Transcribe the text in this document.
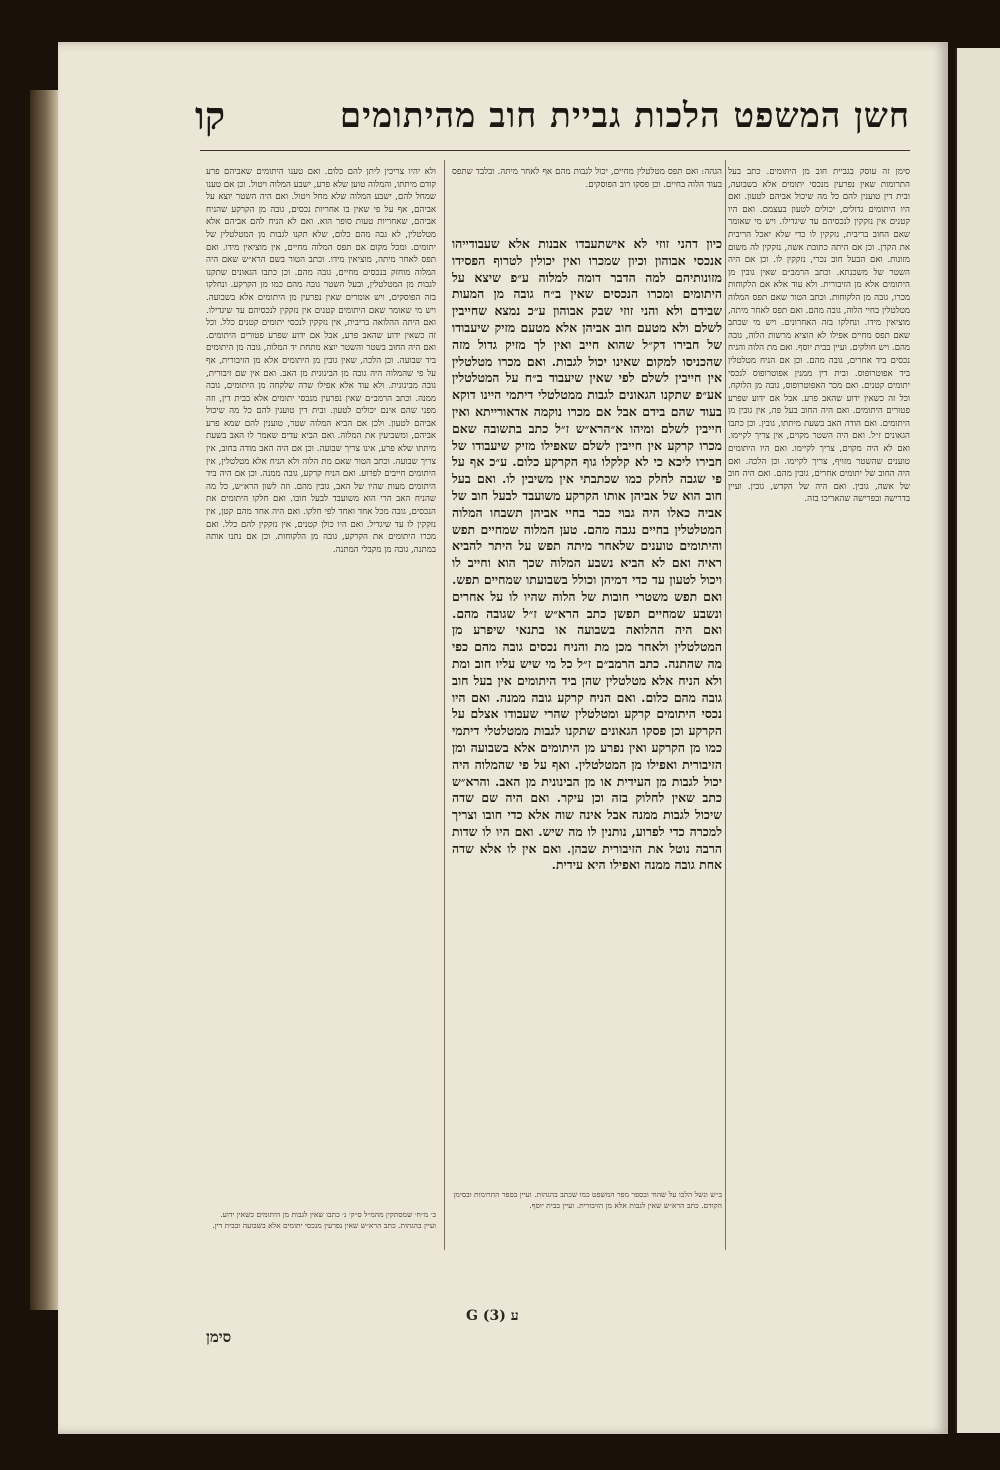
חשן המשפט הלכות גביית חוב מהיתומים
קו

ולא יהיו צריכין ליתן להם כלום. ואם טענו היתומים שאביהם פרע קודם מיתתו, והמלוה טוען שלא פרע, ישבע המלוה ויטול. וכן אם טענו שמחל להם, ישבע המלוה שלא מחל ויטול. ואם היה השטר יוצא על אביהם, אף על פי שאין בו אחריות נכסים, גובה מן הקרקע שהניח אביהם, שאחריות טעות סופר הוא. ואם לא הניח להם אביהם אלא מטלטלין, לא גבה מהם כלום, שלא תקנו לגבות מן המטלטלין של יתומים. ומכל מקום אם תפס המלוה מחיים, אין מוציאין מידו. ואם תפס לאחר מיתה, מוציאין מידו. וכתב הטור בשם הרא״ש שאם היה המלוה מוחזק בנכסים מחיים, גובה מהם. וכן כתבו הגאונים שתקנו לגבות מן המטלטלין, ובעל השטר גובה מהם כמו מן הקרקע. ונחלקו בזה הפוסקים, ויש אומרים שאין נפרעין מן היתומים אלא בשבועה. ויש מי שאומר שאם היתומים קטנים אין נזקקין לנכסיהם עד שיגדילו. ואם היתה ההלואה בריבית, אין נזקקין לנכסי יתומים קטנים כלל. וכל זה כשאין ידוע שהאב פרע, אבל אם ידוע שפרע פטורים היתומים. ואם היה החוב בשטר והשטר יוצא מתחת יד המלוה, גובה מן היתומים ביד שבועה. וכן הלכה, שאין גובין מן היתומים אלא מן הזיבורית, אף על פי שהמלוה היה גובה מן הבינונית מן האב. ואם אין שם זיבורית, גובה מבינונית. ולא עוד אלא אפילו שדה שלקחה מן היתומים, גובה ממנה. וכתב הרמב״ם שאין נפרעין מנכסי יתומים אלא בבית דין, וזה מפני שהם אינם יכולים לטעון. ובית דין טוענין להם כל מה שיכול אביהם לטעון. ולכן אם הביא המלוה שטר, טוענין להם שמא פרע אביהם, ומשביעין את המלוה. ואם הביא עדים שאמר לו האב בשעת מיתתו שלא פרע, אינו צריך שבועה. וכן אם היה האב מודה בחוב, אין צריך שבועה. וכתב הטור שאם מת הלוה ולא הניח אלא מטלטלין, אין היתומים חייבים לפרוע. ואם הניח קרקע, גובה ממנה. וכן אם היה ביד היתומים מעות שהיו של האב, גובין מהם. וזה לשון הרא״ש, כל מה שהניח האב הרי הוא משועבד לבעל חובו. ואם חלקו היתומים את הנכסים, גובה מכל אחד ואחד לפי חלקו. ואם היה אחד מהם קטן, אין נזקקין לו עד שיגדיל. ואם היו כולן קטנים, אין נזקקין להם כלל. ואם מכרו היתומים את הקרקע, גובה מן הלקוחות. וכן אם נתנו אותה במתנה, גובה מן מקבלי המתנה.

הגהה: ואם תפס מטלטלין מחיים, יכול לגבות מהם אף לאחר מיתה. ובלבד שתפס בעוד הלוה בחיים. וכן פסקו רוב הפוסקים.

כיון דהני זוזי לא אישתעבדו אבנות אלא שעבודייהו אנכסי אבוהון וכיון שמכרו ואין יכולין לטרוף הפסידו מזונותיהם למה הדבר דומה למלוה ע״פ שיצא על היתומים ומכרו הנכסים שאין ב״ח גובה מן המעות שבידם ולא והני זוזי שבק אבוהון ע״כ נמצא שחייבין לשלם ולא מטעם חוב אביהן אלא מטעם מזיק שיעבודו של חבירו דק״ל שהוא חייב ואין לך מזיק גדול מזה שהכניסו למקום שאינו יכול לגבות. ואם מכרו מטלטלין אין חייבין לשלם לפי שאין שיעבוד ב״ח על המטלטלין אע״פ שתקנו הגאונים לגבות ממטלטלי דיתמי היינו דוקא בעוד שהם בידם אבל אם מכרו נוקמה אדאורייתא ואין חייבין לשלם ומיהו א״הרא״ש ז״ל כתב בתשובה שאם מכרו קרקע אין חייבין לשלם שאפילו מזיק שיעבודו של חבירו ליכא כי לא קלקלו גוף הקרקע כלום. ע״כ אף על פי שגבה לחלק כמו שכתבתי אין משיבין לו. ואם בעל חוב הוא של אביהן אותו הקרקע משועבד לבעל חוב של אביה כאלו היה גבוי כבר בחיי אביהן תשבחו המלוה המטלטלין בחיים נגבה מהם. טען המלוה שמחיים תפש והיתומים טוענים שלאחר מיתה תפש על היתר להביא ראיה ואם לא הביא נשבע המלוה שכך הוא וחייב לו ויכול לטעון עד כדי דמיהן וכולל בשבועתו שמחיים תפש. ואם תפש משטרי חובות של הלוה שהיו לו על אחרים ונשבע שמחיים תפשן כתב הרא״ש ז״ל שגובה מהם. ואם היה ההלואה בשבועה או בתנאי שיפרע מן המטלטלין ולאחר מכן מת והניח נכסים גובה מהם כפי מה שהתנה. כתב הרמב״ם ז״ל כל מי שיש עליו חוב ומת ולא הניח אלא מטלטלין שהן ביד היתומים אין בעל חוב גובה מהם כלום. ואם הניח קרקע גובה ממנה. ואם היו נכסי היתומים קרקע ומטלטלין שהרי שעבודו אצלם על הקרקע וכן פסקו הגאונים שתקנו לגבות ממטלטלי דיתמי כמו מן הקרקע ואין נפרע מן היתומים אלא בשבועה ומן הזיבורית ואפילו מן המטלטלין. ואף על פי שהמלוה היה יכול לגבות מן העידית או מן הבינונית מן האב. והרא״ש כתב שאין לחלוק בזה וכן עיקר. ואם היה שם שדה שיכול לגבות ממנה אבל אינה שוה אלא כדי חובו וצריך למכרה כדי לפרוע, נותנין לו מה שיש. ואם היו לו שדות הרבה נוטל את הזיבורית שבהן. ואם אין לו אלא שדה אחת גובה ממנה ואפילו היא עידית.

סימן זה עוסק בגביית חוב מן היתומים. כתב בעל התרומות שאין נפרעין מנכסי יתומים אלא בשבועה, ובית דין טוענין להם כל מה שיכול אביהם לטעון. ואם היו היתומים גדולים, יכולים לטעון בעצמם. ואם היו קטנים אין נזקקין לנכסיהם עד שיגדילו. ויש מי שאומר שאם החוב בריבית, נזקקין לו כדי שלא יאכל הריבית את הקרן. וכן אם היתה כתובת אשה, נזקקין לה משום מזונות. ואם הבעל חוב נכרי, נזקקין לו. וכן אם היה השטר של משכנתא. וכתב הרמב״ם שאין גובין מן היתומים אלא מן הזיבורית. ולא עוד אלא אם הלקוחות מכרו, גובה מן הלקוחות. וכתב הטור שאם תפס המלוה מטלטלין בחיי הלוה, גובה מהם. ואם תפס לאחר מיתה, מוציאין מידו. ונחלקו בזה האחרונים. ויש מי שכתב שאם תפס מחיים אפילו לא הוציא מרשות הלוה, גובה מהם. ויש חולקים. ועיין בבית יוסף. ואם מת הלוה והניח נכסים ביד אחרים, גובה מהם. וכן אם הניח מטלטלין ביד אפוטרופוס. ובית דין ממנין אפוטרופוס לנכסי יתומים קטנים. ואם מכר האפוטרופוס, גובה מן הלוקח. וכל זה כשאין ידוע שהאב פרע. אבל אם ידוע שפרע פטורים היתומים. ואם היה החוב בעל פה, אין גובין מן היתומים. ואם הודה האב בשעת מיתתו, גובין. וכן כתבו הגאונים ז״ל. ואם היה השטר מקוים, אין צריך לקיימו. ואם לא היה מקוים, צריך לקיימו. ואם היו היתומים טוענים שהשטר מזויף, צריך לקיימו. וכן הלכה. ואם היה החוב של יתומים אחרים, גובין מהם. ואם היה חוב של אשה, גובין. ואם היה של הקדש, גובין. ועיין בדרישה ובפרישה שהאריכו בזה.

ב׳ מ״ח׳ שמסתקין מהמ״ל ס״ק׳ נ׳ כתבו שאין לגבות מן היתומים כשאין ידוע. ועיין בהגהות. כתב הרא״ש שאין נפרעין מנכסי יתומים אלא בשבועה ובבית דין.
ב״ש ונשל הלכו על שהוד ובספר מפר המשפט כמו שכתב בהגהות. ועיין בספר התרומות ובסימן הקודם. כתב הרא״ש שאין לגבות אלא מן הזיבורית. ועיין בבית יוסף.
סימן
G (3) ע
